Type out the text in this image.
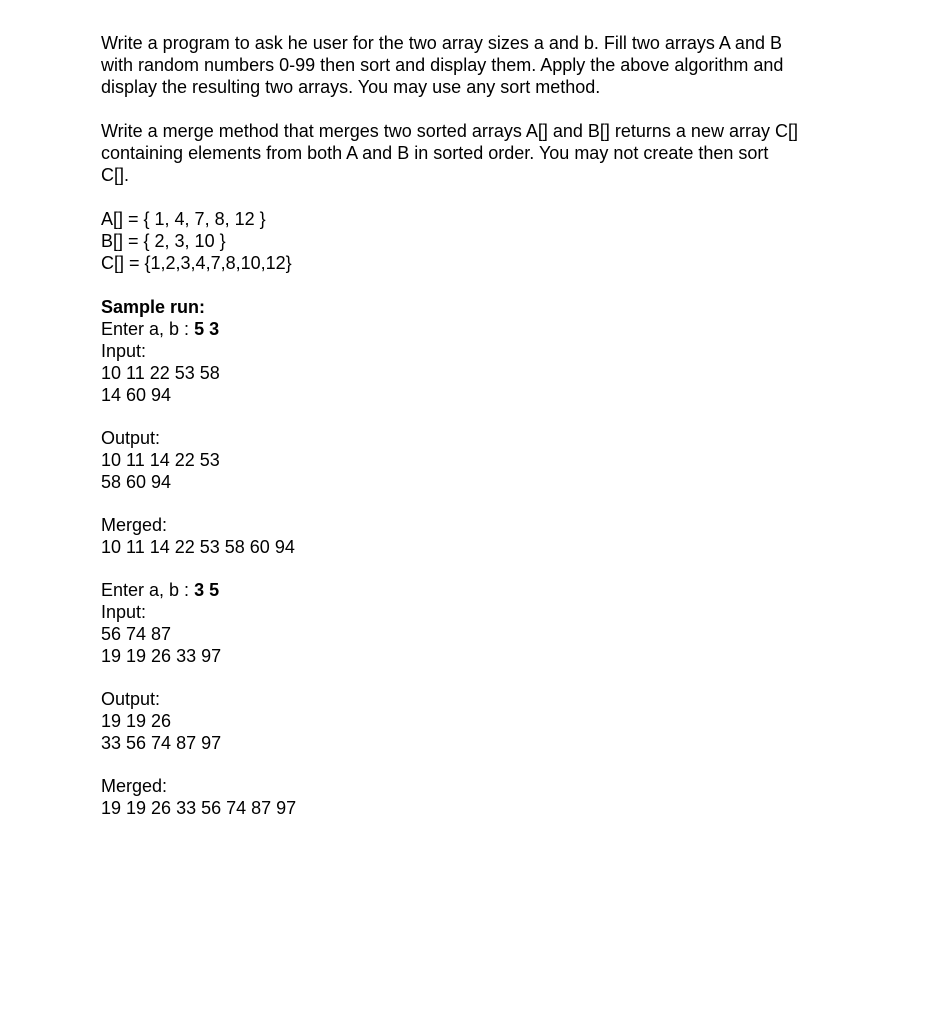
Write a program to ask he user for the two array sizes a and b. Fill two arrays A and B
with random numbers 0-99 then sort and display them. Apply the above algorithm and
display the resulting two arrays. You may use any sort method.

Write a merge method that merges two sorted arrays A[] and B[] returns a new array C[]
containing elements from both A and B in sorted order. You may not create then sort
C[].

A[] = { 1, 4, 7, 8, 12 }
B[] = { 2, 3, 10 }
C[] = {1,2,3,4,7,8,10,12}
Sample run:
Enter a, b : 5 3
Input:
10 11 22 53 58
14 60 94
Output:
10 11 14 22 53
58 60 94
Merged:
10 11 14 22 53 58 60 94
Enter a, b : 3 5
Input:
56 74 87
19 19 26 33 97
Output:
19 19 26
33 56 74 87 97
Merged:
19 19 26 33 56 74 87 97
